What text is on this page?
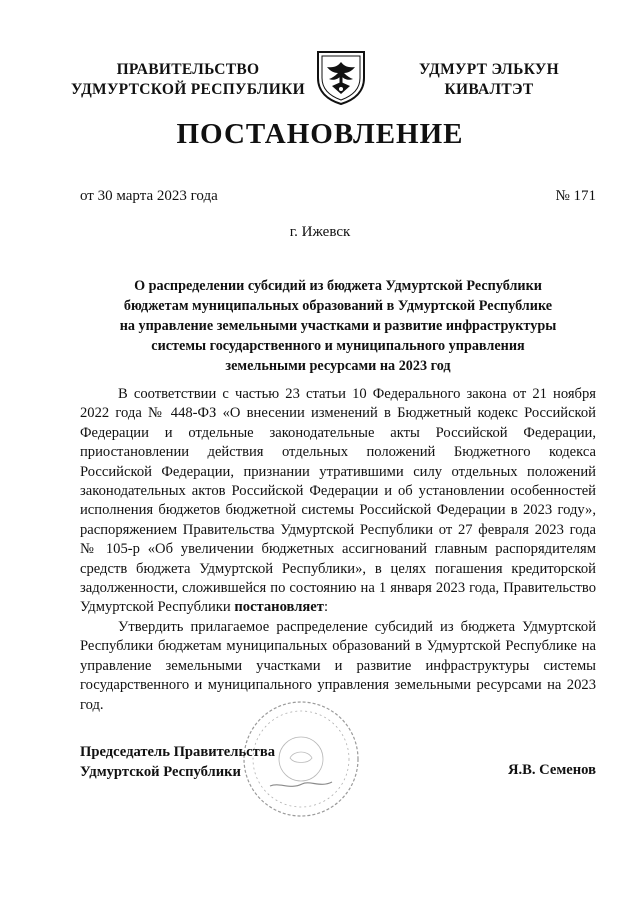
ПРАВИТЕЛЬСТВО
УДМУРТСКОЙ РЕСПУБЛИКИ
УДМУРТ ЭЛЬКУН
КИВАЛТЭТ
ПОСТАНОВЛЕНИЕ
от 30 марта 2023 года	№ 171
г. Ижевск
О распределении субсидий из бюджета Удмуртской Республики
бюджетам муниципальных образований в Удмуртской Республике
на управление земельными участками и развитие инфраструктуры
системы государственного и муниципального управления
земельными ресурсами на 2023 год

В соответствии с частью 23 статьи 10 Федерального закона от 21 ноября 2022 года № 448-ФЗ «О внесении изменений в Бюджетный кодекс Российской Федерации и отдельные законодательные акты Российской Федерации, приостановлении действия отдельных положений Бюджетного кодекса Российской Федерации, признании утратившими силу отдельных положений законодательных актов Российской Федерации и об установлении особенностей исполнения бюджетов бюджетной системы Российской Федерации в 2023 году», распоряжением Правительства Удмуртской Республики от 27 февраля 2023 года № 105-р «Об увеличении бюджетных ассигнований главным распорядителям средств бюджета Удмуртской Республики», в целях погашения кредиторской задолженности, сложившейся по состоянию на 1 января 2023 года, Правительство Удмуртской Республики постановляет:

Утвердить прилагаемое распределение субсидий из бюджета Удмуртской Республики бюджетам муниципальных образований в Удмуртской Республике на управление земельными участками и развитие инфраструктуры системы государственного и муниципального управления земельными ресурсами на 2023 год.

Председатель Правительства
Удмуртской Республики	Я.В. Семенов
